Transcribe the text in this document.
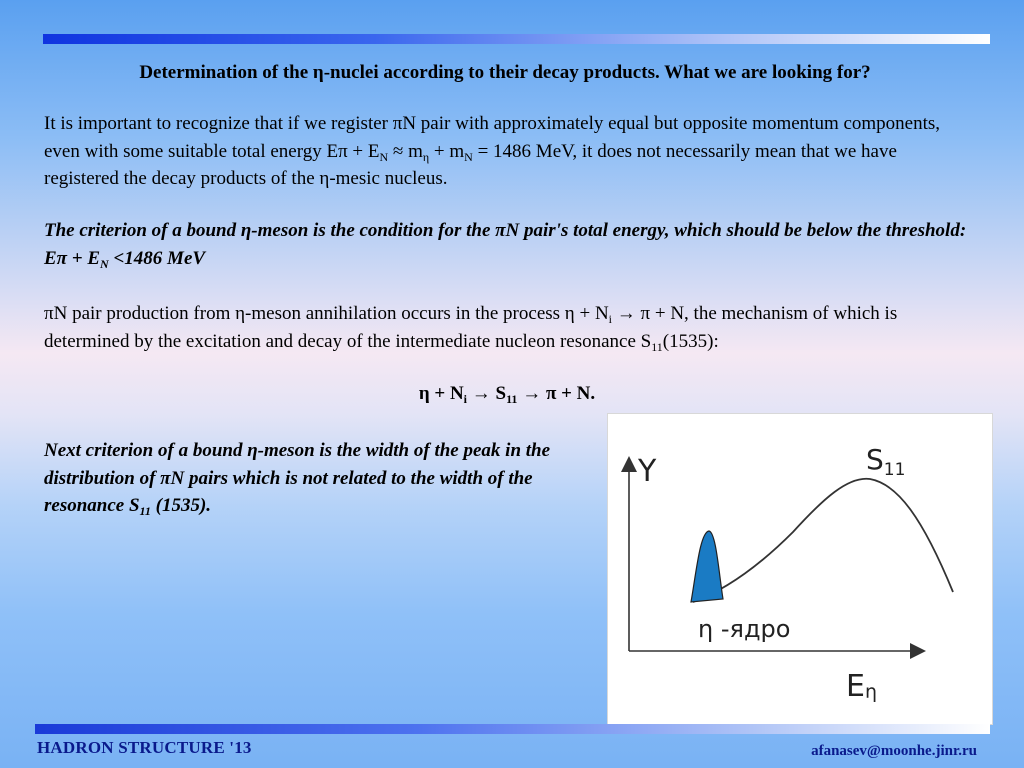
Determination of the η-nuclei according to their decay products. What we are looking for?
It is important to recognize that if we register πN pair with approximately equal but opposite momentum components, even with some suitable total energy $E\pi + E_N \approx m_\eta + m_N = 1486$ MeV, it does not necessarily mean that we have registered the decay products of the η-mesic nucleus.
The criterion of a bound η-meson is the condition for the πN pair's total energy, which should be below the threshold: $E\pi + E_N <1486$ MeV
πN pair production from η-meson annihilation occurs in the process $\eta + N_i \to \pi + N$, the mechanism of which is determined by the excitation and decay of the intermediate nucleon resonance $S_{11}(1535)$:
$\eta + N_i \to S_{11} \to \pi + N$.
Next criterion of a bound η-meson is the width of the peak in the distribution of πN pairs which is not related to the width of the resonance $S_{11}$ (1535).
Y	$S_{11}$
η -ядро
Eη
HADRON STRUCTURE '13	afanasev@moonhe.jinr.ru
